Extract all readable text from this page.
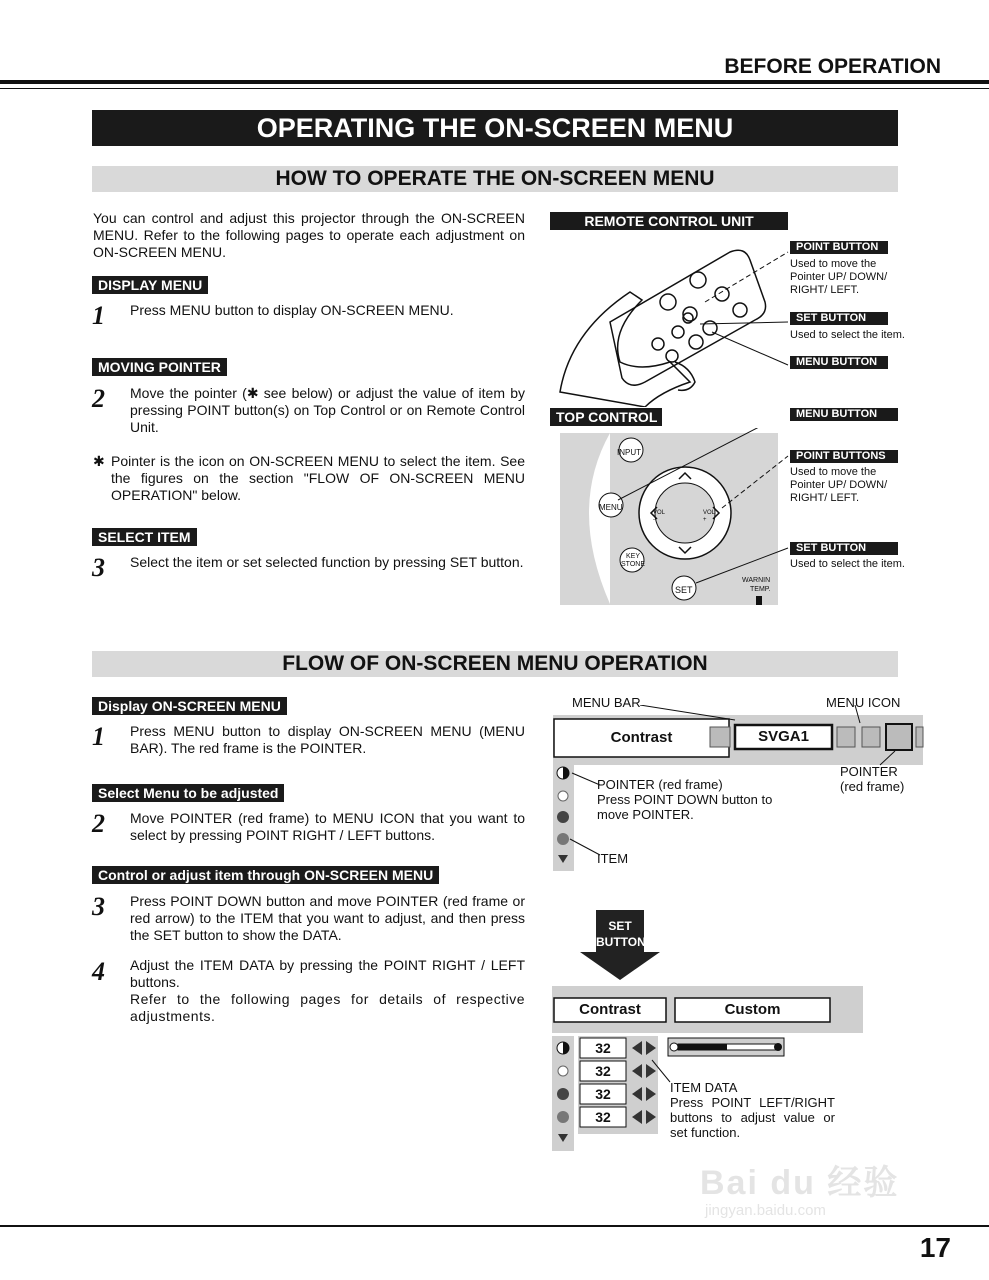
BEFORE OPERATION
OPERATING THE ON-SCREEN MENU
HOW TO OPERATE THE ON-SCREEN MENU
You can control and adjust this projector through the ON-SCREEN MENU. Refer to the following pages to operate each adjustment on ON-SCREEN MENU.
DISPLAY MENU
1 Press MENU button to display ON-SCREEN MENU.
MOVING POINTER
2 Move the pointer (✱ see below) or adjust the value of item by pressing POINT button(s) on Top Control or on Remote Control Unit.
✱ Pointer is the icon on ON-SCREEN MENU to select the item. See the figures on the section "FLOW OF ON-SCREEN MENU OPERATION" below.
SELECT ITEM
3 Select the item or set selected function by pressing SET button.
REMOTE CONTROL UNIT
POINT BUTTON
Used to move the Pointer UP/ DOWN/ RIGHT/ LEFT.
SET BUTTON
Used to select the item.
MENU BUTTON
TOP CONTROL
INPUT
MENU
KEY STONE
SET
VOL -
VOL +
WARNIN
TEMP.
MENU BUTTON
POINT BUTTONS
Used to move the Pointer UP/ DOWN/ RIGHT/ LEFT.
SET BUTTON
Used to select the item.
FLOW OF ON-SCREEN MENU OPERATION
Display ON-SCREEN MENU
1 Press MENU button to display ON-SCREEN MENU (MENU BAR). The red frame is the POINTER.
Select Menu to be adjusted
2 Move POINTER (red frame) to MENU ICON that you want to select by pressing POINT RIGHT / LEFT buttons.
Control or adjust item through ON-SCREEN MENU
3 Press POINT DOWN button and move POINTER (red frame or red arrow) to the ITEM that you want to adjust, and then press the SET button to show the DATA.
4 Adjust the ITEM DATA by pressing the POINT RIGHT / LEFT buttons.
Refer to the following pages for details of respective adjustments.
MENU BAR	MENU ICON
Contrast	SVGA1
POINTER
(red frame)
POINTER (red frame)
Press POINT DOWN button to move POINTER.
ITEM
SET
BUTTON
Contrast	Custom
32
32
32
32
ITEM DATA
Press POINT LEFT/RIGHT buttons to adjust value or set function.
Bai du 经验
jingyan.baidu.com
17
